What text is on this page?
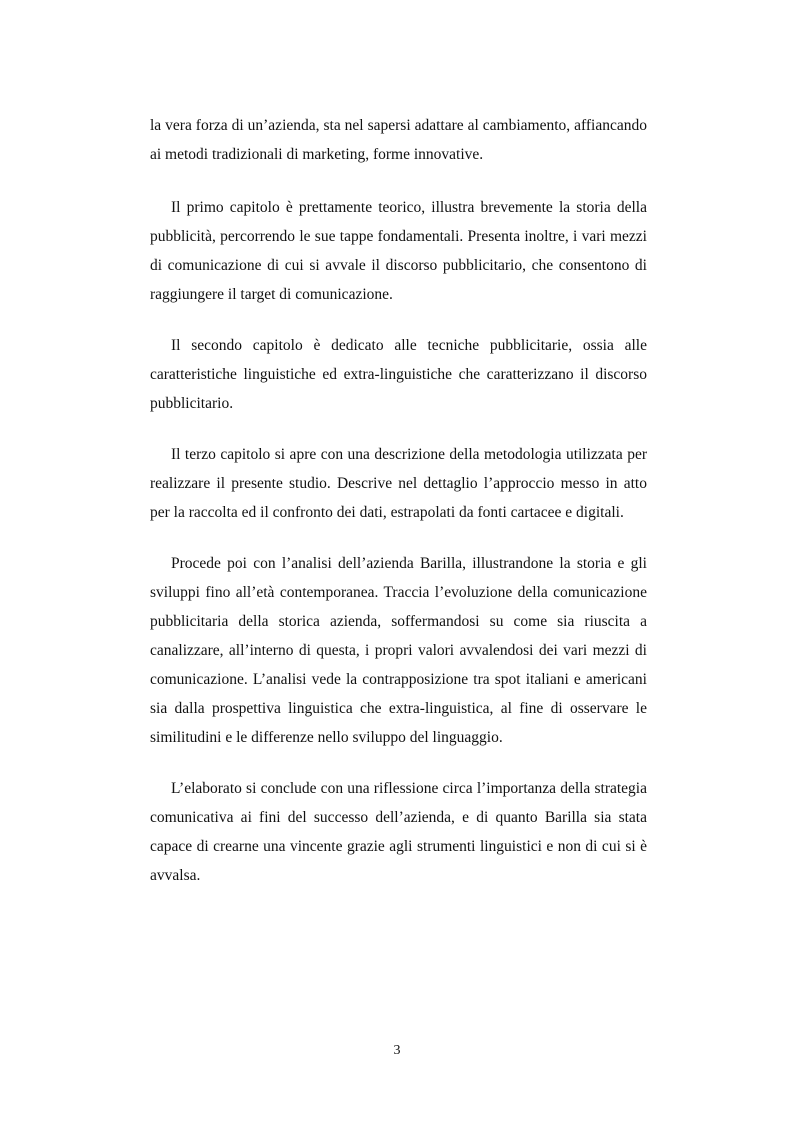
la vera forza di un’azienda, sta nel sapersi adattare al cambiamento, affiancando ai metodi tradizionali di marketing, forme innovative.

Il primo capitolo è prettamente teorico, illustra brevemente la storia della pubblicità, percorrendo le sue tappe fondamentali. Presenta inoltre, i vari mezzi di comunicazione di cui si avvale il discorso pubblicitario, che consentono di raggiungere il target di comunicazione.

Il secondo capitolo è dedicato alle tecniche pubblicitarie, ossia alle caratteristiche linguistiche ed extra-linguistiche che caratterizzano il discorso pubblicitario.

Il terzo capitolo si apre con una descrizione della metodologia utilizzata per realizzare il presente studio. Descrive nel dettaglio l’approccio messo in atto per la raccolta ed il confronto dei dati, estrapolati da fonti cartacee e digitali.

Procede poi con l’analisi dell’azienda Barilla, illustrandone la storia e gli sviluppi fino all’età contemporanea. Traccia l’evoluzione della comunicazione pubblicitaria della storica azienda, soffermandosi su come sia riuscita a canalizzare, all’interno di questa, i propri valori avvalendosi dei vari mezzi di comunicazione. L’analisi vede la contrapposizione tra spot italiani e americani sia dalla prospettiva linguistica che extra-linguistica, al fine di osservare le similitudini e le differenze nello sviluppo del linguaggio.

L’elaborato si conclude con una riflessione circa l’importanza della strategia comunicativa ai fini del successo dell’azienda, e di quanto Barilla sia stata capace di crearne una vincente grazie agli strumenti linguistici e non di cui si è avvalsa.

3
